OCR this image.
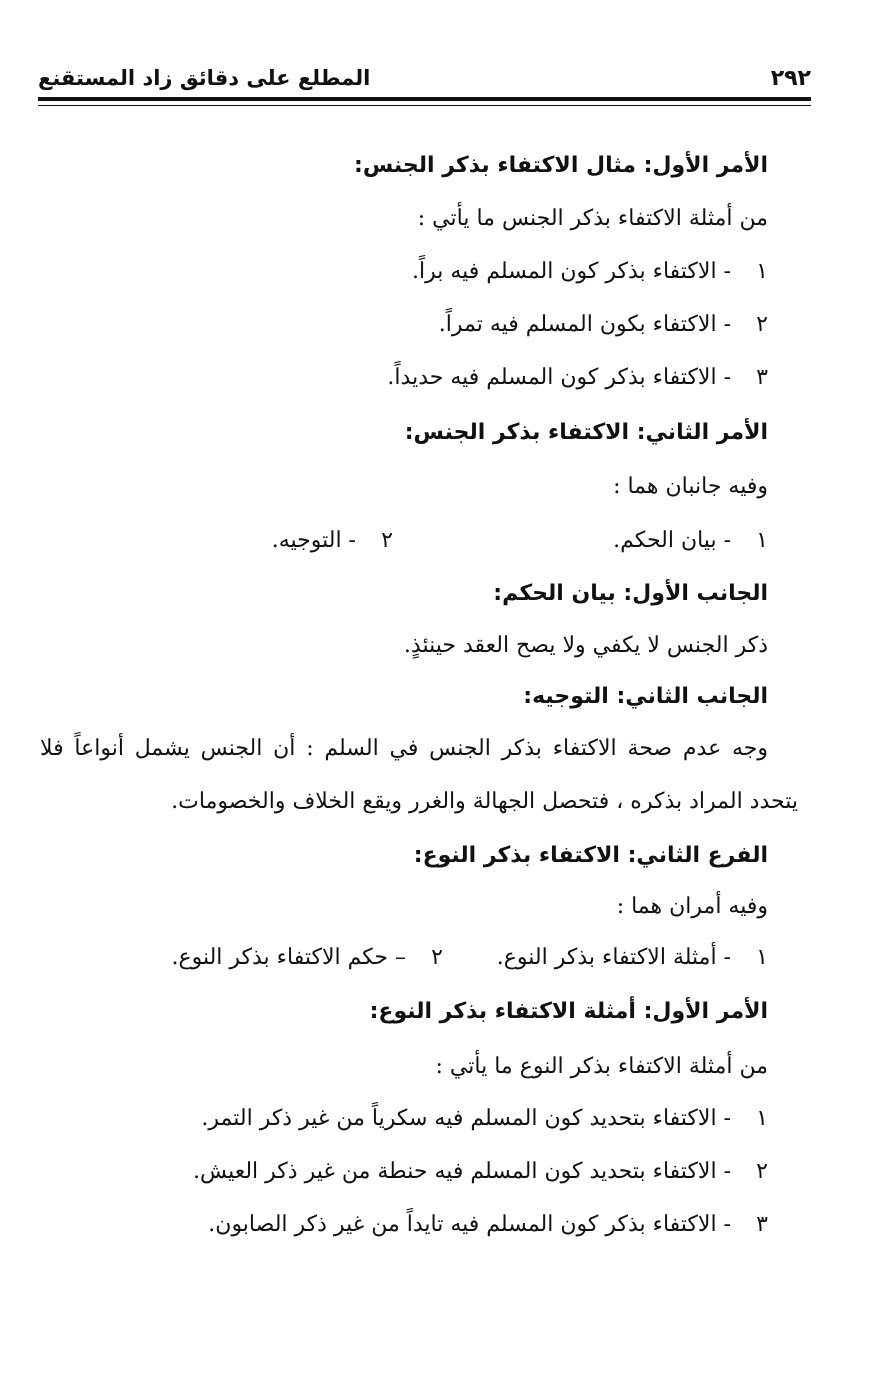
٢٩٢
المطلع على دقائق زاد المستقنع
الأمر الأول: مثال الاكتفاء بذكر الجنس:
من أمثلة الاكتفاء بذكر الجنس ما يأتي :
١ - الاكتفاء بذكر كون المسلم فيه براً.
٢ - الاكتفاء بكون المسلم فيه تمراً.
٣ - الاكتفاء بذكر كون المسلم فيه حديداً.
الأمر الثاني: الاكتفاء بذكر الجنس:
وفيه جانبان هما :
١ - بيان الحكم.
٢ - التوجيه.
الجانب الأول: بيان الحكم:
ذكر الجنس لا يكفي ولا يصح العقد حينئذٍ.
الجانب الثاني: التوجيه:
وجه عدم صحة الاكتفاء بذكر الجنس في السلم : أن الجنس يشمل أنواعاً فلا
يتحدد المراد بذكره ، فتحصل الجهالة والغرر ويقع الخلاف والخصومات.
الفرع الثاني: الاكتفاء بذكر النوع:
وفيه أمران هما :
١ - أمثلة الاكتفاء بذكر النوع.
٢ – حكم الاكتفاء بذكر النوع.
الأمر الأول: أمثلة الاكتفاء بذكر النوع:
من أمثلة الاكتفاء بذكر النوع ما يأتي :
١ - الاكتفاء بتحديد كون المسلم فيه سكرياً من غير ذكر التمر.
٢ - الاكتفاء بتحديد كون المسلم فيه حنطة من غير ذكر العيش.
٣ - الاكتفاء بذكر كون المسلم فيه تايداً من غير ذكر الصابون.
